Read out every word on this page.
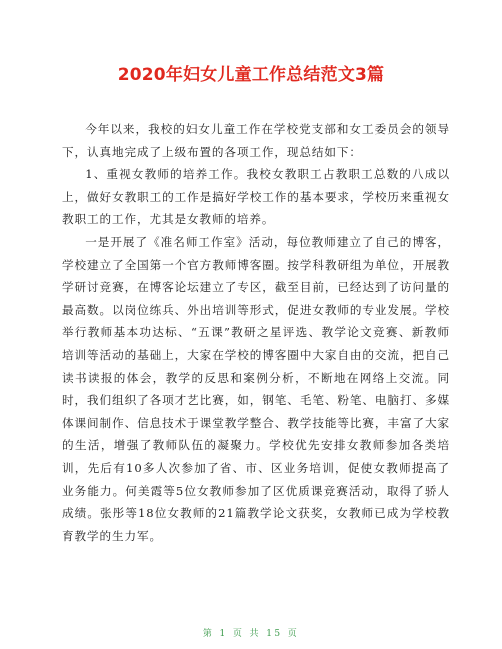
2020年妇女儿童工作总结范文3篇

今年以来，我校的妇女儿童工作在学校党支部和女工委员会的领导下，认真地完成了上级布置的各项工作，现总结如下：

1、重视女教师的培养工作。我校女教职工占教职工总数的八成以上，做好女教职工的工作是搞好学校工作的基本要求，学校历来重视女教职工的工作，尤其是女教师的培养。

一是开展了《准名师工作室》活动，每位教师建立了自己的博客，学校建立了全国第一个官方教师博客圈。按学科教研组为单位，开展教学研讨竞赛，在博客论坛建立了专区，截至目前，已经达到了访问量的最高数。以岗位练兵、外出培训等形式，促进女教师的专业发展。学校举行教师基本功达标、“五课”教研之星评选、教学论文竞赛、新教师培训等活动的基础上，大家在学校的博客圈中大家自由的交流，把自己读书读报的体会，教学的反思和案例分析，不断地在网络上交流。同时，我们组织了各项才艺比赛，如，钢笔、毛笔、粉笔、电脑打、多媒体课间制作、信息技术于课堂教学整合、教学技能等比赛，丰富了大家的生活，增强了教师队伍的凝聚力。学校优先安排女教师参加各类培训，先后有10多人次参加了省、市、区业务培训，促使女教师提高了业务能力。何美霞等5位女教师参加了区优质课竞赛活动，取得了骄人成绩。张彤等18位女教师的21篇教学论文获奖，女教师已成为学校教育教学的生力军。

第 1 页 共 15 页
